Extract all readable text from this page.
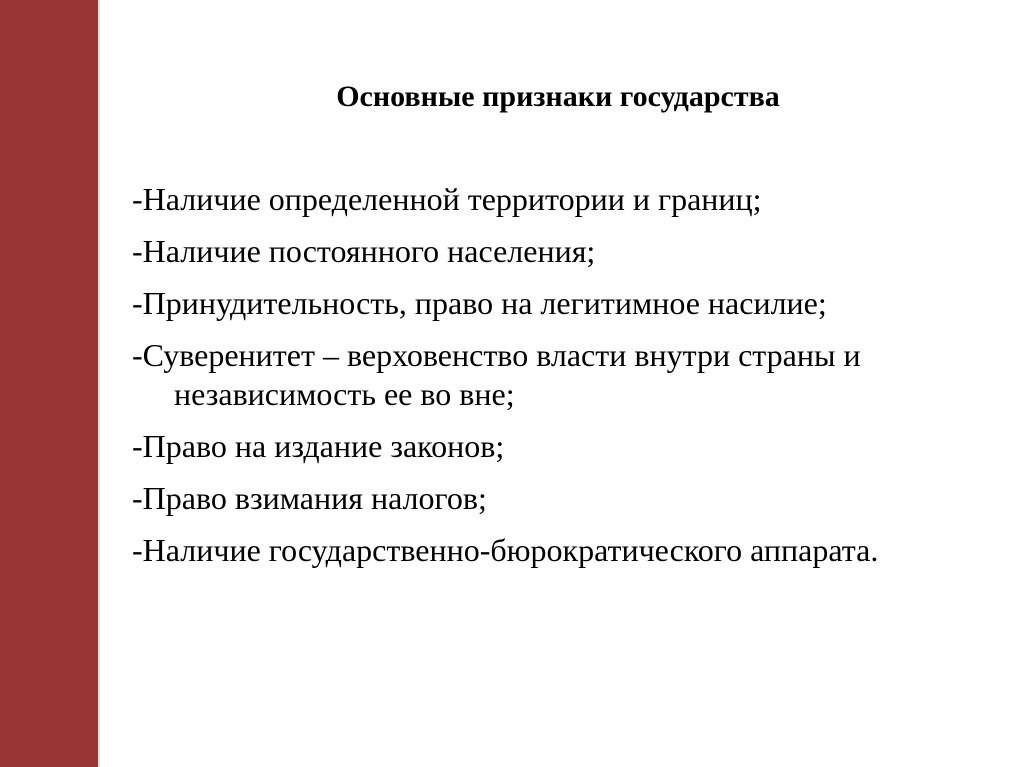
Основные признаки государства
-Наличие определенной территории и границ;
-Наличие постоянного населения;
-Принудительность, право на легитимное насилие;
-Суверенитет – верховенство власти внутри страны и независимость ее во вне;
-Право на издание законов;
-Право взимания налогов;
-Наличие государственно-бюрократического аппарата.
